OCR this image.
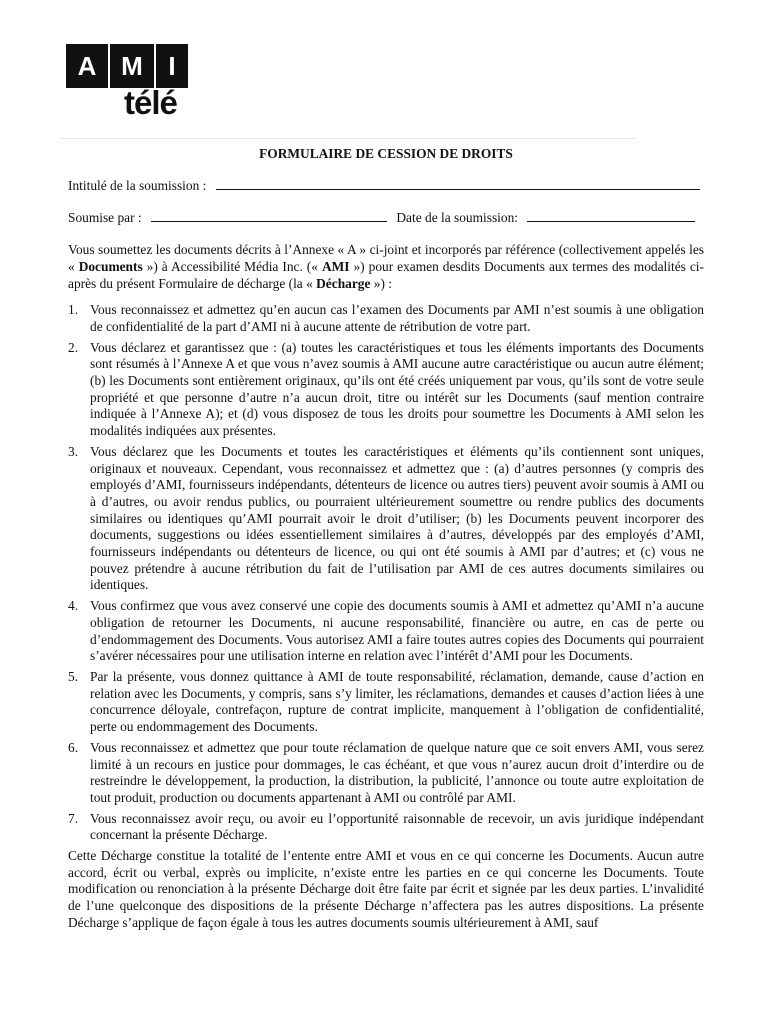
A M I
télé
FORMULAIRE DE CESSION DE DROITS
Intitulé de la soumission :
Soumise par :	Date de la soumission:

Vous soumettez les documents décrits à l’Annexe « A » ci-joint et incorporés par référence (collectivement appelés les « Documents ») à Accessibilité Média Inc. (« AMI ») pour examen desdits Documents aux termes des modalités ci-après du présent Formulaire de décharge (la « Décharge ») :

1. Vous reconnaissez et admettez qu’en aucun cas l’examen des Documents par AMI n’est soumis à une obligation de confidentialité de la part d’AMI ni à aucune attente de rétribution de votre part.
2. Vous déclarez et garantissez que : (a) toutes les caractéristiques et tous les éléments importants des Documents sont résumés à l’Annexe A et que vous n’avez soumis à AMI aucune autre caractéristique ou aucun autre élément; (b) les Documents sont entièrement originaux, qu’ils ont été créés uniquement par vous, qu’ils sont de votre seule propriété et que personne d’autre n’a aucun droit, titre ou intérêt sur les Documents (sauf mention contraire indiquée à l’Annexe A); et (d) vous disposez de tous les droits pour soumettre les Documents à AMI selon les modalités indiquées aux présentes.
3. Vous déclarez que les Documents et toutes les caractéristiques et éléments qu’ils contiennent sont uniques, originaux et nouveaux. Cependant, vous reconnaissez et admettez que : (a) d’autres personnes (y compris des employés d’AMI, fournisseurs indépendants, détenteurs de licence ou autres tiers) peuvent avoir soumis à AMI ou à d’autres, ou avoir rendus publics, ou pourraient ultérieurement soumettre ou rendre publics des documents similaires ou identiques qu’AMI pourrait avoir le droit d’utiliser; (b) les Documents peuvent incorporer des documents, suggestions ou idées essentiellement similaires à d’autres, développés par des employés d’AMI, fournisseurs indépendants ou détenteurs de licence, ou qui ont été soumis à AMI par d’autres; et (c) vous ne pouvez prétendre à aucune rétribution du fait de l’utilisation par AMI de ces autres documents similaires ou identiques.
4. Vous confirmez que vous avez conservé une copie des documents soumis à AMI et admettez qu’AMI n’a aucune obligation de retourner les Documents, ni aucune responsabilité, financière ou autre, en cas de perte ou d’endommagement des Documents. Vous autorisez AMI a faire toutes autres copies des Documents qui pourraient s’avérer nécessaires pour une utilisation interne en relation avec l’intérêt d’AMI pour les Documents.
5. Par la présente, vous donnez quittance à AMI de toute responsabilité, réclamation, demande, cause d’action en relation avec les Documents, y compris, sans s’y limiter, les réclamations, demandes et causes d’action liées à une concurrence déloyale, contrefaçon, rupture de contrat implicite, manquement à l’obligation de confidentialité, perte ou endommagement des Documents.
6. Vous reconnaissez et admettez que pour toute réclamation de quelque nature que ce soit envers AMI, vous serez limité à un recours en justice pour dommages, le cas échéant, et que vous n’aurez aucun droit d’interdire ou de restreindre le développement, la production, la distribution, la publicité, l’annonce ou toute autre exploitation de tout produit, production ou documents appartenant à AMI ou contrôlé par AMI.
7. Vous reconnaissez avoir reçu, ou avoir eu l’opportunité raisonnable de recevoir, un avis juridique indépendant concernant la présente Décharge.

Cette Décharge constitue la totalité de l’entente entre AMI et vous en ce qui concerne les Documents. Aucun autre accord, écrit ou verbal, exprès ou implicite, n’existe entre les parties en ce qui concerne les Documents. Toute modification ou renonciation à la présente Décharge doit être faite par écrit et signée par les deux parties. L’invalidité de l’une quelconque des dispositions de la présente Décharge n’affectera pas les autres dispositions. La présente Décharge s’applique de façon égale à tous les autres documents soumis ultérieurement à AMI, sauf
